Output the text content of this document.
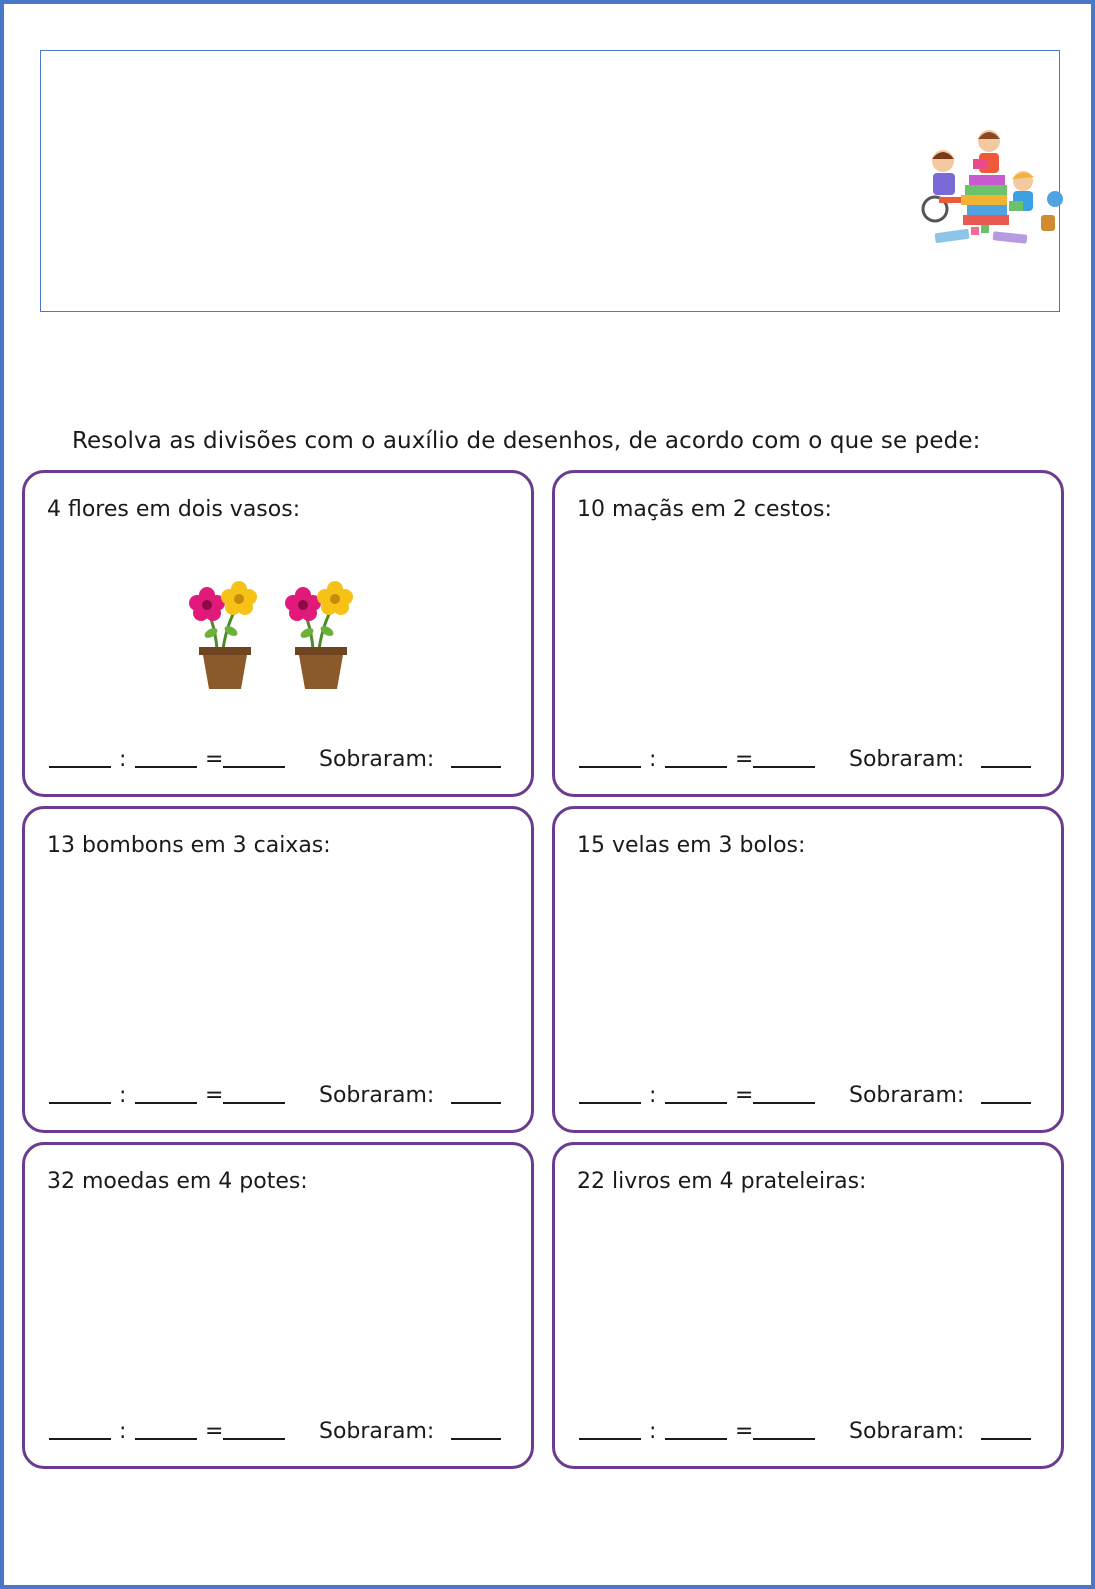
Resolva as divisões com o auxílio de desenhos, de acordo com o que se pede:
4 flores em dois vasos:
:	=	Sobraram:
10 maçãs em 2 cestos:
:	=	Sobraram:
13 bombons em 3 caixas:
:	=	Sobraram:
15 velas em 3 bolos:
:	=	Sobraram:
32 moedas em 4 potes:
:	=	Sobraram:
22 livros em 4 prateleiras:
:	=	Sobraram:
